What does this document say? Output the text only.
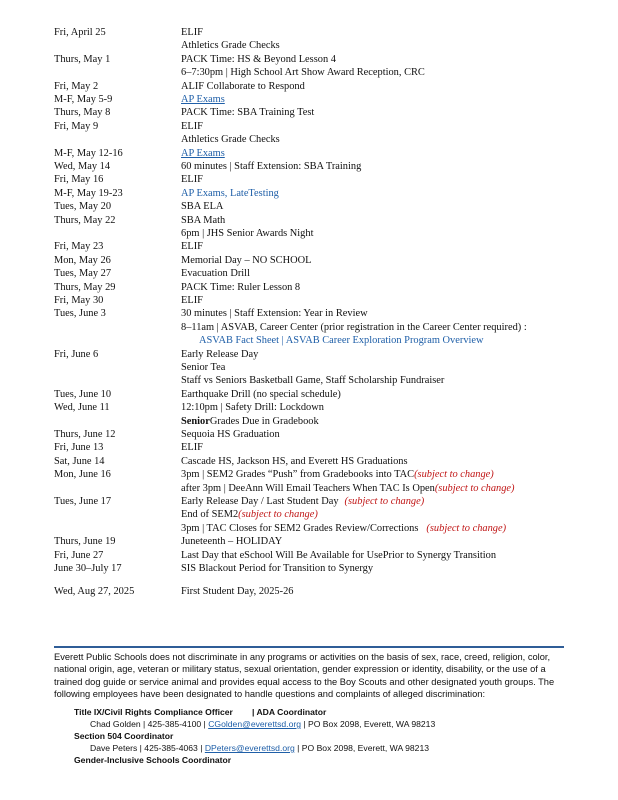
Fri, April 25	ELIF
Athletics Grade Checks
Thurs, May 1	PACK Time: HS & Beyond Lesson 4
6–7:30pm | High School Art Show Award Reception, CRC
Fri, May 2	ALIF Collaborate to Respond
M-F, May 5-9	AP Exams
Thurs, May 8	PACK Time: SBA Training Test
Fri, May 9	ELIF
Athletics Grade Checks
M-F, May 12-16	AP Exams
Wed, May 14	60 minutes | Staff Extension: SBA Training
Fri, May 16	ELIF
M-F, May 19-23	AP Exams, LateTesting
Tues, May 20	SBA ELA
Thurs, May 22	SBA Math
6pm | JHS Senior Awards Night
Fri, May 23	ELIF
Mon, May 26	Memorial Day – NO SCHOOL
Tues, May 27	Evacuation Drill
Thurs, May 29	PACK Time: Ruler Lesson 8
Fri, May 30	ELIF
Tues, June 3	30 minutes | Staff Extension: Year in Review
8–11am | ASVAB, Career Center (prior registration in the Career Center required) :
ASVAB Fact Sheet | ASVAB Career Exploration Program Overview
Fri, June 6	Early Release Day
Senior Tea
Staff vs Seniors Basketball Game, Staff Scholarship Fundraiser
Tues, June 10	Earthquake Drill (no special schedule)
Wed, June 11	12:10pm | Safety Drill: Lockdown
SeniorGrades Due in Gradebook
Thurs, June 12	Sequoia HS Graduation
Fri, June 13	ELIF
Sat, June 14	Cascade HS, Jackson HS, and Everett HS Graduations
Mon, June 16	3pm | SEM2 Grades “Push” from Gradebooks into TAC(subject to change)
after 3pm | DeeAnn Will Email Teachers When TAC Is Open(subject to change)
Tues, June 17	Early Release Day / Last Student Day (subject to change)
End of SEM2(subject to change)
3pm | TAC Closes for SEM2 Grades Review/Corrections (subject to change)
Thurs, June 19	Juneteenth – HOLIDAY
Fri, June 27	Last Day that eSchool Will Be Available for UsePrior to Synergy Transition
June 30–July 17	SIS Blackout Period for Transition to Synergy
Wed, Aug 27, 2025	First Student Day, 2025-26
Everett Public Schools does not discriminate in any programs or activities on the basis of sex, race, creed, religion, color, national origin, age, veteran or military status, sexual orientation, gender expression or identity, disability, or the use of a trained dog guide or service animal and provides equal access to the Boy Scouts and other designated youth groups. The following employees have been designated to handle questions and complaints of alleged discrimination:
Title IX/Civil Rights Compliance Officer | ADA Coordinator
Chad Golden | 425-385-4100 | CGolden@everettsd.org | PO Box 2098, Everett, WA 98213
Section 504 Coordinator
Dave Peters | 425-385-4063 | DPeters@everettsd.org | PO Box 2098, Everett, WA 98213
Gender-Inclusive Schools Coordinator
